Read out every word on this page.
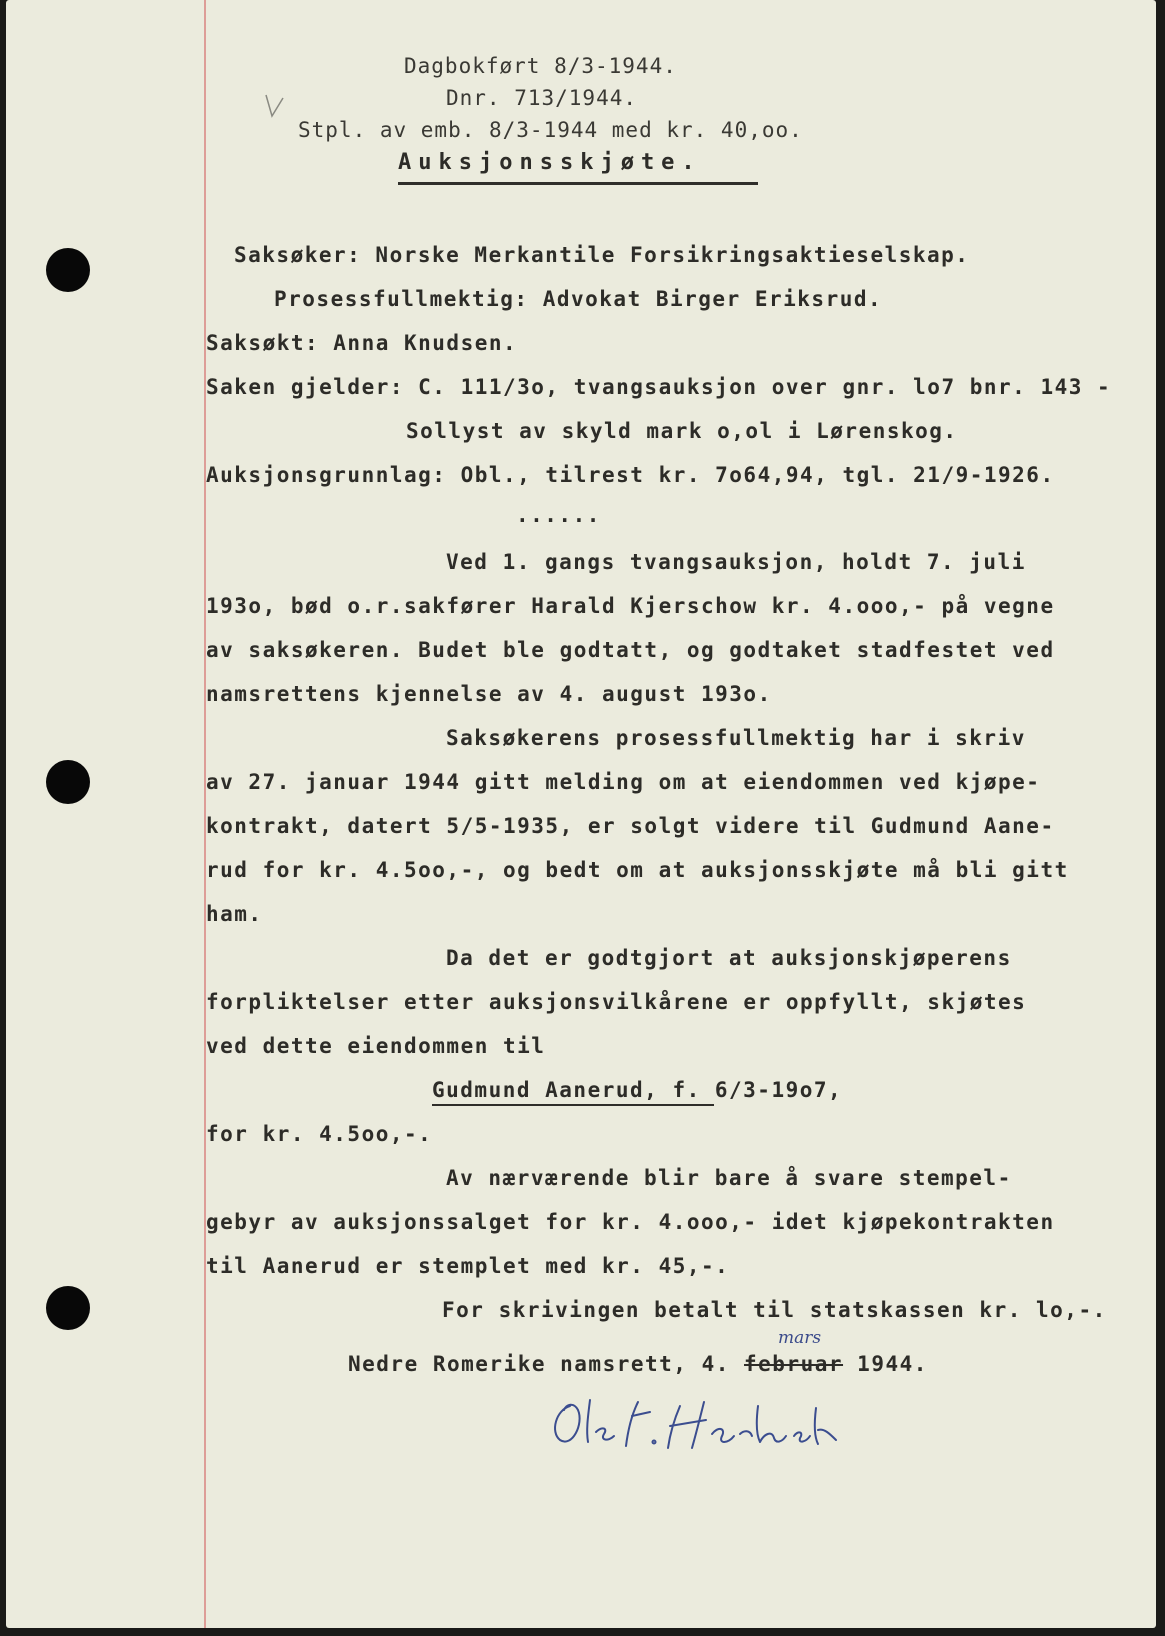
Dagbokført 8/3-1944.
Dnr. 713/1944.
Stpl. av emb. 8/3-1944 med kr. 40,oo.
Auksjonsskjøte.
Saksøker: Norske Merkantile Forsikringsaktieselskap.
Prosessfullmektig: Advokat Birger Eriksrud.
Saksøkt: Anna Knudsen.
Saken gjelder: C. 111/3o, tvangsauksjon over gnr. lo7 bnr. 143 -
Sollyst av skyld mark o,ol i Lørenskog.
Auksjonsgrunnlag: Obl., tilrest kr. 7o64,94, tgl. 21/9-1926.
......
Ved 1. gangs tvangsauksjon, holdt 7. juli
193o, bød o.r.sakfører Harald Kjerschow kr. 4.ooo,- på vegne
av saksøkeren. Budet ble godtatt, og godtaket stadfestet ved
namsrettens kjennelse av 4. august 193o.
Saksøkerens prosessfullmektig har i skriv
av 27. januar 1944 gitt melding om at eiendommen ved kjøpe-
kontrakt, datert 5/5-1935, er solgt videre til Gudmund Aane-
rud for kr. 4.5oo,-, og bedt om at auksjonsskjøte må bli gitt
ham.
Da det er godtgjort at auksjonskjøperens
forpliktelser etter auksjonsvilkårene er oppfyllt, skjøtes
ved dette eiendommen til
Gudmund Aanerud, f. 6/3-19o7,
for kr. 4.5oo,-.
Av nærværende blir bare å svare stempel-
gebyr av auksjonssalget for kr. 4.ooo,- idet kjøpekontrakten
til Aanerud er stemplet med kr. 45,-.
For skrivingen betalt til statskassen kr. lo,-.
mars
Nedre Romerike namsrett, 4. februar 1944.
